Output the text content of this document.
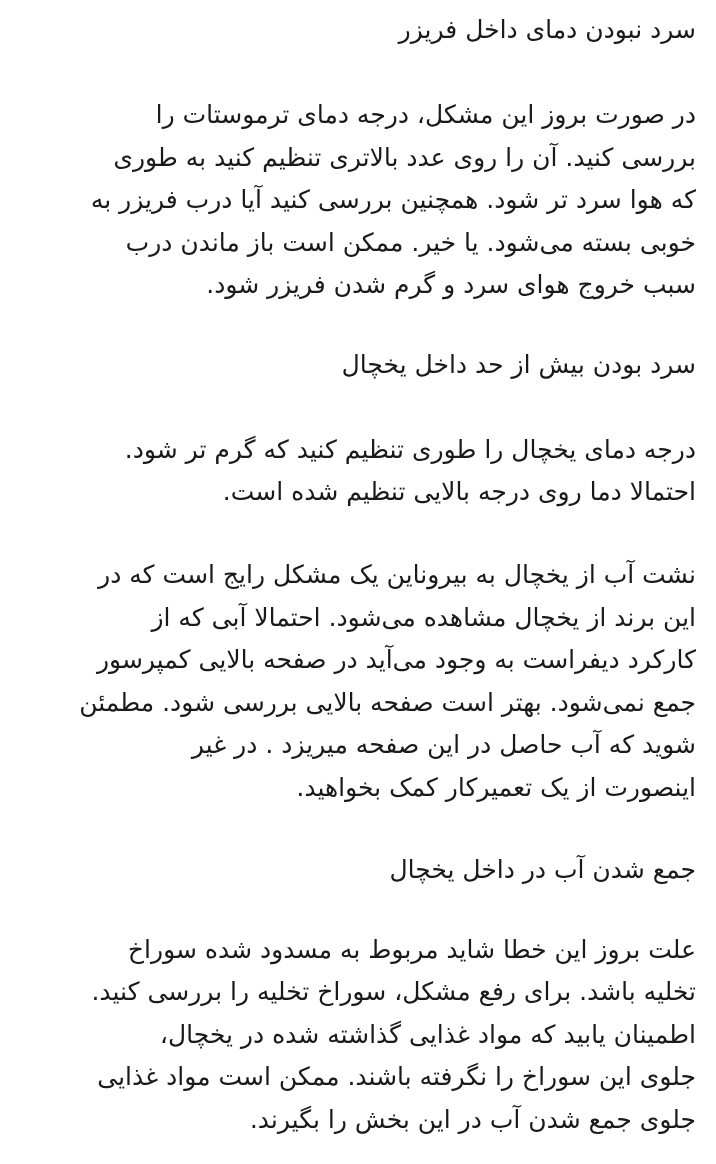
سرد نبودن دمای داخل فریزر
در صورت بروز این مشکل، درجه دمای ترموستات را
بررسی کنید. آن را روی عدد بالاتری تنظیم کنید به طوری
که هوا سرد تر شود. همچنین بررسی کنید آیا درب فریزر به
خوبی بسته می‌شود. یا خیر. ممکن است باز ماندن درب
سبب خروج هوای سرد و گرم شدن فریزر شود.
سرد بودن بیش از حد داخل یخچال
درجه دمای یخچال را طوری تنظیم کنید که گرم تر شود.
احتمالا دما روی درجه بالایی تنظیم شده است.
نشت آب از یخچال به بیروناین یک مشکل رایج است که در
این برند از یخچال مشاهده می‌شود. احتمالا آبی که از
کارکرد دیفراست به وجود می‌آید در صفحه بالایی کمپرسور
جمع نمی‌شود. بهتر است صفحه بالایی بررسی شود. مطمئن
شوید که آب حاصل در این صفحه میریزد . در غیر
اینصورت از یک تعمیرکار کمک بخواهید.
جمع شدن آب در داخل یخچال
علت بروز این خطا شاید مربوط به مسدود شده سوراخ
تخلیه باشد. برای رفع مشکل، سوراخ تخلیه را بررسی کنید.
اطمینان یابید که مواد غذایی گذاشته شده در یخچال،
جلوی این سوراخ را نگرفته باشند. ممکن است مواد غذایی
جلوی جمع شدن آب در این بخش را بگیرند.
